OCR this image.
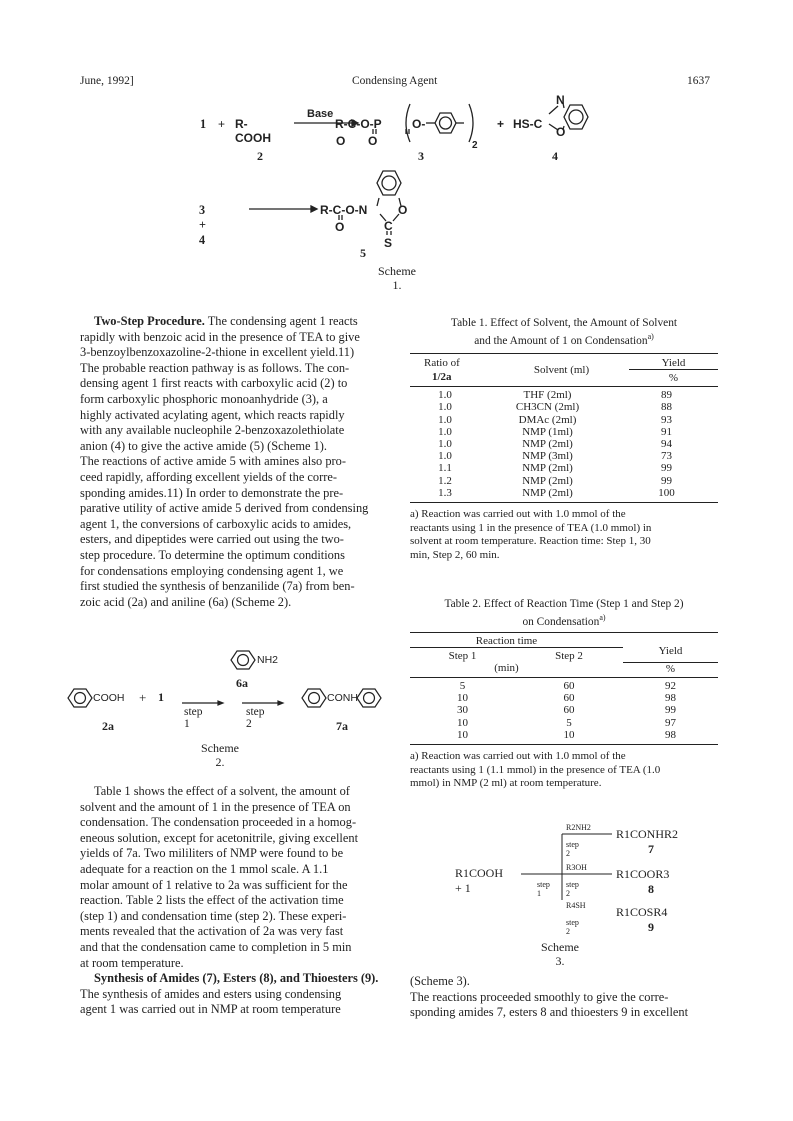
June, 1992]	Condensing Agent	1637
1 + R-COOH
Base
2	3	4
3 + 4
5
R-C-O-P
O O
O-
2
+ HS-C
N
O
R-C-O-N
O
O
C
S
Scheme 1.

Two-Step Procedure. The condensing agent 1 reacts

rapidly with benzoic acid in the presence of TEA to give

3-benzoylbenzoxazoline-2-thione in excellent yield.11)

The probable reaction pathway is as follows. The con-

densing agent 1 first reacts with carboxylic acid (2) to

form carboxylic phosphoric monoanhydride (3), a

highly activated acylating agent, which reacts rapidly

with any available nucleophile 2-benzoxazolethiolate

anion (4) to give the active amide (5) (Scheme 1).

The reactions of active amide 5 with amines also pro-

ceed rapidly, affording excellent yields of the corre-

sponding amides.11) In order to demonstrate the pre-

parative utility of active amide 5 derived from condensing

agent 1, the conversions of carboxylic acids to amides,

esters, and dipeptides were carried out using the two-

step procedure. To determine the optimum conditions

for condensations employing condensing agent 1, we

first studied the synthesis of benzanilide (7a) from ben-

zoic acid (2a) and aniline (6a) (Scheme 2).

NH2
6a
COOH + 1
step 1
step 2
CONH
2a	7a
Scheme 2.

Table 1 shows the effect of a solvent, the amount of

solvent and the amount of 1 in the presence of TEA on

condensation. The condensation proceeded in a homog-

eneous solution, except for acetonitrile, giving excellent

yields of 7a. Two mililiters of NMP were found to be

adequate for a reaction on the 1 mmol scale. A 1.1

molar amount of 1 relative to 2a was sufficient for the

reaction. Table 2 lists the effect of the activation time

(step 1) and condensation time (step 2). These experi-

ments revealed that the activation of 2a was very fast

and that the condensation came to completion in 5 min

at room temperature.

Synthesis of Amides (7), Esters (8), and Thioesters (9).

The synthesis of amides and esters using condensing

agent 1 was carried out in NMP at room temperature

Table 1. Effect of Solvent, the Amount of Solvent
and the Amount of 1 on Condensation$^{a)}$
Ratio of	Solvent (ml)	Yield
1/2a		%
1.0	THF (2ml)	89
1.0	CH3CN (2ml)	88
1.0	DMAc (2ml)	93
1.0	NMP (1ml)	91
1.0	NMP (2ml)	94
1.0	NMP (3ml)	73
1.1	NMP (2ml)	99
1.2	NMP (2ml)	99
1.3	NMP (2ml)	100
a) Reaction was carried out with 1.0 mmol of the
reactants using 1 in the presence of TEA (1.0 mmol) in
solvent at room temperature. Reaction time: Step 1, 30
min, Step 2, 60 min.
Table 2. Effect of Reaction Time (Step 1 and Step 2)
on Condensation$^{a)}$
Reaction time		Yield
Step 1	Step 2	
(min)		%
5	60	92
10	60	98
30	60	99
10	5	97
10	10	98
a) Reaction was carried out with 1.0 mmol of the
reactants using 1 (1.1 mmol) in the presence of TEA (1.0
mmol) in NMP (2 ml) at room temperature.
R1COOH + 1	step 1
R2NH2
step 2
R1CONHR2
7
R3OH
step 2
R1COOR3
8
R4SH
step 2
R1COSR4
9
Scheme 3.

(Scheme 3).

The reactions proceeded smoothly to give the corre-

sponding amides 7, esters 8 and thioesters 9 in excellent
